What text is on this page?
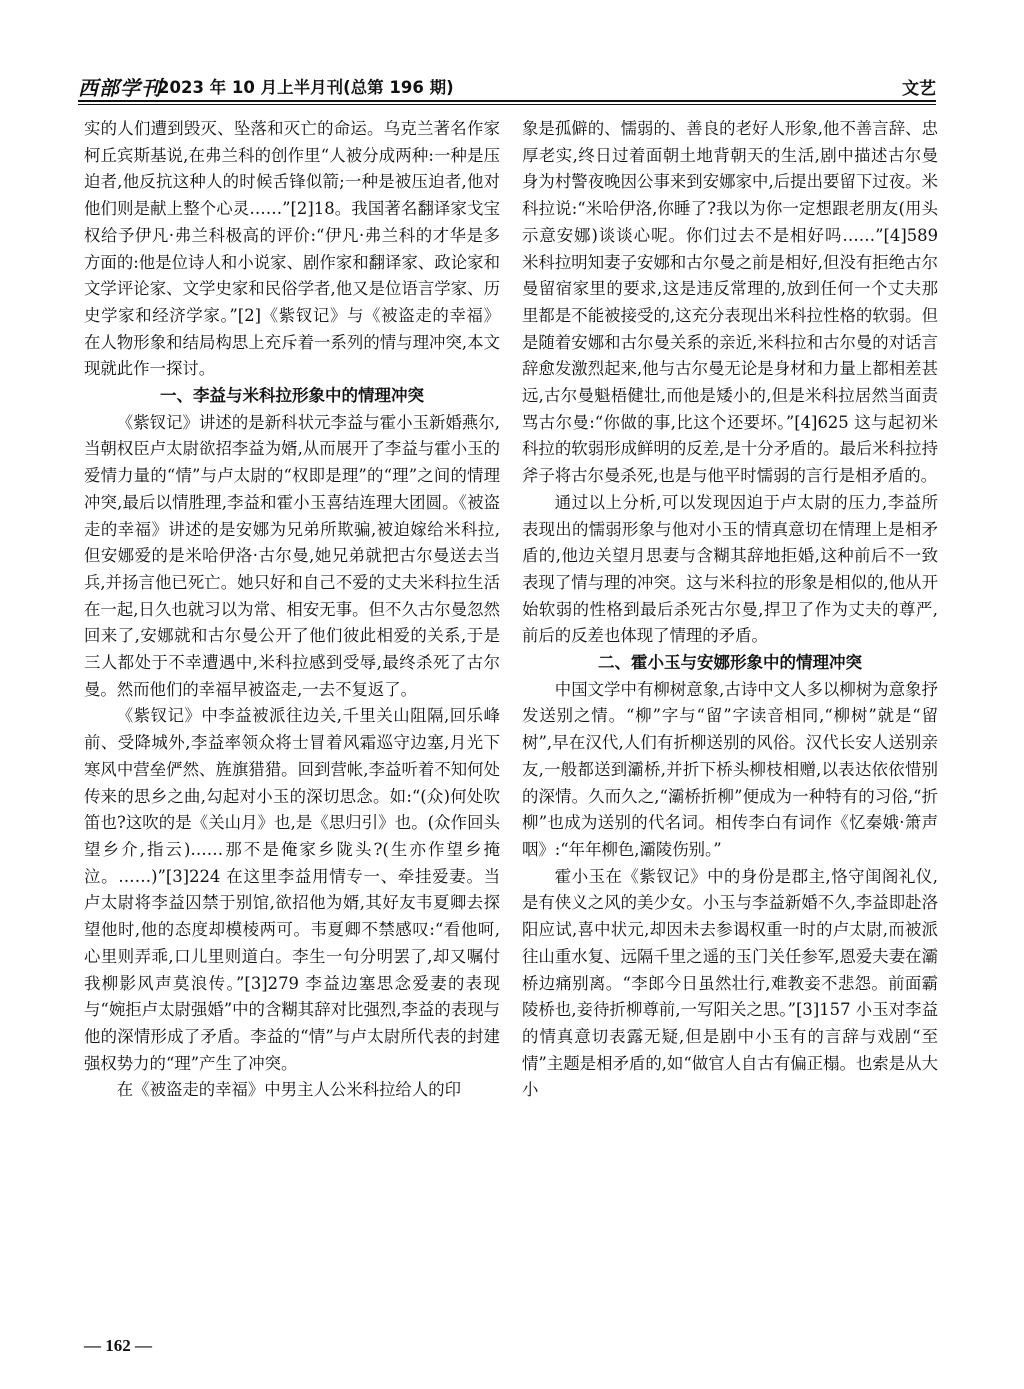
西部学刊
2023 年 10 月上半月刊(总第 196 期)	文艺

实的人们遭到毁灭、坠落和灭亡的命运。乌克兰著名作家柯丘宾斯基说,在弗兰科的创作里“人被分成两种:一种是压迫者,他反抗这种人的时候舌锋似箭;一种是被压迫者,他对他们则是献上整个心灵……”[2]18。我国著名翻译家戈宝权给予伊凡·弗兰科极高的评价:“伊凡·弗兰科的才华是多方面的:他是位诗人和小说家、剧作家和翻译家、政论家和文学评论家、文学史家和民俗学者,他又是位语言学家、历史学家和经济学家。”[2]《紫钗记》与《被盗走的幸福》在人物形象和结局构思上充斥着一系列的情与理冲突,本文现就此作一探讨。

一、李益与米科拉形象中的情理冲突

《紫钗记》讲述的是新科状元李益与霍小玉新婚燕尔,当朝权臣卢太尉欲招李益为婿,从而展开了李益与霍小玉的爱情力量的“情”与卢太尉的“权即是理”的“理”之间的情理冲突,最后以情胜理,李益和霍小玉喜结连理大团圆。《被盗走的幸福》讲述的是安娜为兄弟所欺骗,被迫嫁给米科拉,但安娜爱的是米哈伊洛·古尔曼,她兄弟就把古尔曼送去当兵,并扬言他已死亡。她只好和自己不爱的丈夫米科拉生活在一起,日久也就习以为常、相安无事。但不久古尔曼忽然回来了,安娜就和古尔曼公开了他们彼此相爱的关系,于是三人都处于不幸遭遇中,米科拉感到受辱,最终杀死了古尔曼。然而他们的幸福早被盗走,一去不复返了。

《紫钗记》中李益被派往边关,千里关山阻隔,回乐峰前、受降城外,李益率领众将士冒着风霜巡守边塞,月光下寒风中营垒俨然、旌旗猎猎。回到营帐,李益听着不知何处传来的思乡之曲,勾起对小玉的深切思念。如:“(众)何处吹笛也?这吹的是《关山月》也,是《思归引》也。(众作回头望乡介,指云)……那不是俺家乡陇头?(生亦作望乡掩泣。……)”[3]224 在这里李益用情专一、牵挂爱妻。当卢太尉将李益囚禁于别馆,欲招他为婿,其好友韦夏卿去探望他时,他的态度却模棱两可。韦夏卿不禁感叹:“看他呵,心里则弄乖,口儿里则道白。李生一句分明罢了,却又嘱付我柳影风声莫浪传。”[3]279 李益边塞思念爱妻的表现与“婉拒卢太尉强婚”中的含糊其辞对比强烈,李益的表现与他的深情形成了矛盾。李益的“情”与卢太尉所代表的封建强权势力的“理”产生了冲突。

在《被盗走的幸福》中男主人公米科拉给人的印

象是孤僻的、懦弱的、善良的老好人形象,他不善言辞、忠厚老实,终日过着面朝土地背朝天的生活,剧中描述古尔曼身为村警夜晚因公事来到安娜家中,后提出要留下过夜。米科拉说:“米哈伊洛,你睡了?我以为你一定想跟老朋友(用头示意安娜)谈谈心呢。你们过去不是相好吗……”[4]589 米科拉明知妻子安娜和古尔曼之前是相好,但没有拒绝古尔曼留宿家里的要求,这是违反常理的,放到任何一个丈夫那里都是不能被接受的,这充分表现出米科拉性格的软弱。但是随着安娜和古尔曼关系的亲近,米科拉和古尔曼的对话言辞愈发激烈起来,他与古尔曼无论是身材和力量上都相差甚远,古尔曼魁梧健壮,而他是矮小的,但是米科拉居然当面责骂古尔曼:“你做的事,比这个还要坏。”[4]625 这与起初米科拉的软弱形成鲜明的反差,是十分矛盾的。最后米科拉持斧子将古尔曼杀死,也是与他平时懦弱的言行是相矛盾的。

通过以上分析,可以发现因迫于卢太尉的压力,李益所表现出的懦弱形象与他对小玉的情真意切在情理上是相矛盾的,他边关望月思妻与含糊其辞地拒婚,这种前后不一致表现了情与理的冲突。这与米科拉的形象是相似的,他从开始软弱的性格到最后杀死古尔曼,捍卫了作为丈夫的尊严,前后的反差也体现了情理的矛盾。

二、霍小玉与安娜形象中的情理冲突

中国文学中有柳树意象,古诗中文人多以柳树为意象抒发送别之情。“柳”字与“留”字读音相同,“柳树”就是“留树”,早在汉代,人们有折柳送别的风俗。汉代长安人送别亲友,一般都送到灞桥,并折下桥头柳枝相赠,以表达依依惜别的深情。久而久之,“灞桥折柳”便成为一种特有的习俗,“折柳”也成为送别的代名词。相传李白有词作《忆秦娥·箫声咽》:“年年柳色,灞陵伤别。”

霍小玉在《紫钗记》中的身份是郡主,恪守闺阁礼仪,是有侠义之风的美少女。小玉与李益新婚不久,李益即赴洛阳应试,喜中状元,却因未去参谒权重一时的卢太尉,而被派往山重水复、远隔千里之遥的玉门关任参军,恩爱夫妻在灞桥边痛别离。“李郎今日虽然壮行,难教妾不悲怨。前面霸陵桥也,妾待折柳尊前,一写阳关之思。”[3]157 小玉对李益的情真意切表露无疑,但是剧中小玉有的言辞与戏剧“至情”主题是相矛盾的,如“做官人自古有偏正榻。也索是从大小

— 162 —
